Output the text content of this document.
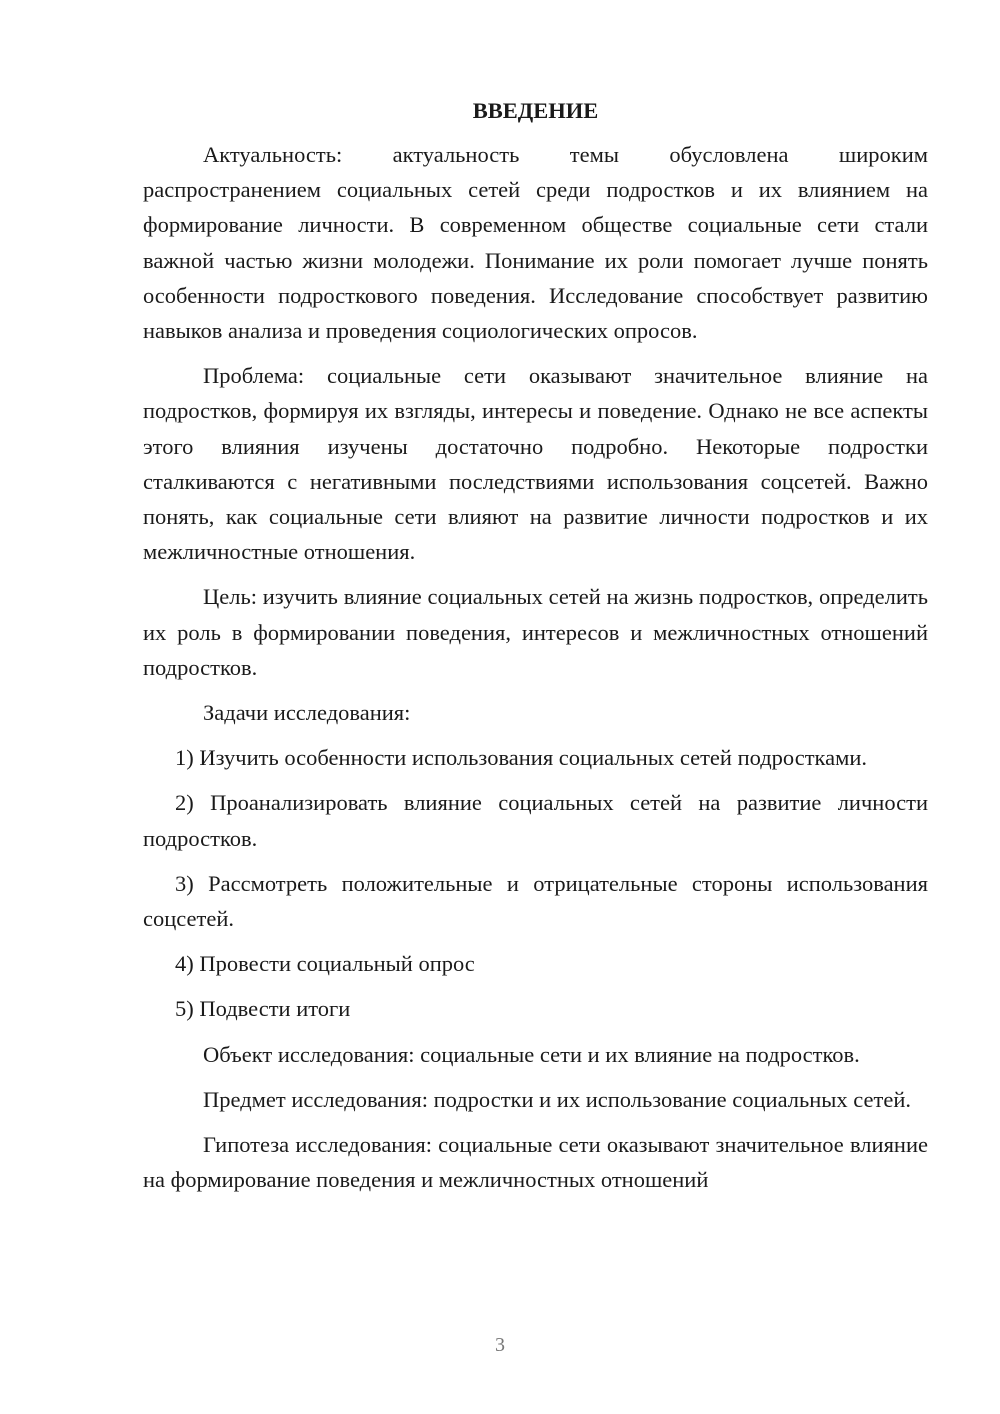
ВВЕДЕНИЕ

Актуальность: актуальность темы обусловлена широким распространением социальных сетей среди подростков и их влиянием на формирование личности. В современном обществе социальные сети стали важной частью жизни молодежи. Понимание их роли помогает лучше понять особенности подросткового поведения. Исследование способствует развитию навыков анализа и проведения социологических опросов.

Проблема: социальные сети оказывают значительное влияние на подростков, формируя их взгляды, интересы и поведение. Однако не все аспекты этого влияния изучены достаточно подробно. Некоторые подростки сталкиваются с негативными последствиями использования соцсетей. Важно понять, как социальные сети влияют на развитие личности подростков и их межличностные отношения.

Цель: изучить влияние социальных сетей на жизнь подростков, определить их роль в формировании поведения, интересов и межличностных отношений подростков.

Задачи исследования:

1) Изучить особенности использования социальных сетей подростками.

2) Проанализировать влияние социальных сетей на развитие личности подростков.

3) Рассмотреть положительные и отрицательные стороны использования соцсетей.

4) Провести социальный опрос

5) Подвести итоги

Объект исследования: социальные сети и их влияние на подростков.

Предмет исследования: подростки и их использование социальных сетей.

Гипотеза исследования: социальные сети оказывают значительное влияние на формирование поведения и межличностных отношений

3
